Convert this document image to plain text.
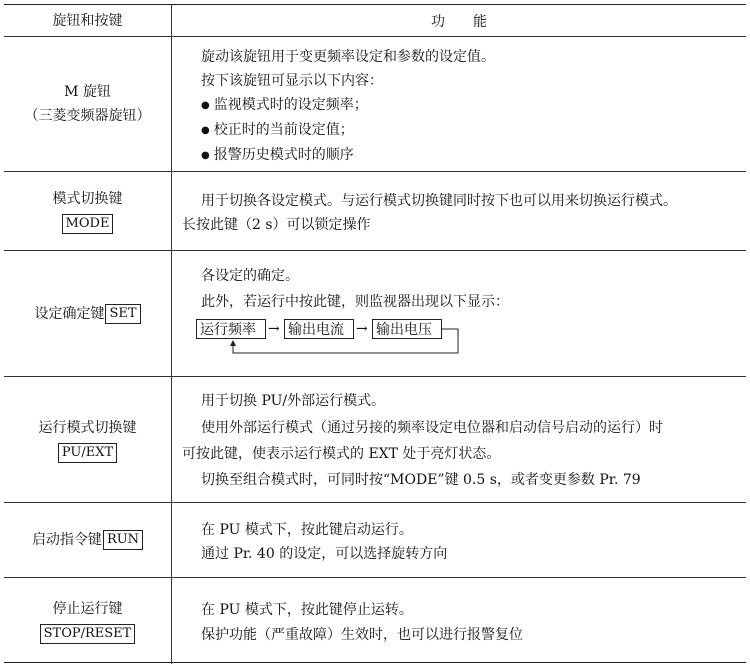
旋钮和按键	功　　能
M 旋钮
（三菱变频器旋钮）
旋动该旋钮用于变更频率设定和参数的设定值。
按下该旋钮可显示以下内容：
● 监视模式时的设定频率；
● 校正时的当前设定值；
● 报警历史模式时的顺序
模式切换键
MODE
用于切换各设定模式。与运行模式切换键同时按下也可以用来切换运行模式。
长按此键（2 s）可以锁定操作
设定确定键 SET
各设定的确定。
此外，若运行中按此键，则监视器出现以下显示：
运行频率 → 输出电流 → 输出电压
运行模式切换键
PU/EXT
用于切换 PU/外部运行模式。
使用外部运行模式（通过另接的频率设定电位器和启动信号启动的运行）时
可按此键，使表示运行模式的 EXT 处于亮灯状态。
切换至组合模式时，可同时按“MODE”键 0.5 s，或者变更参数 Pr. 79
启动指令键 RUN
在 PU 模式下，按此键启动运行。
通过 Pr. 40 的设定，可以选择旋转方向
停止运行键
STOP/RESET
在 PU 模式下，按此键停止运转。
保护功能（严重故障）生效时，也可以进行报警复位
